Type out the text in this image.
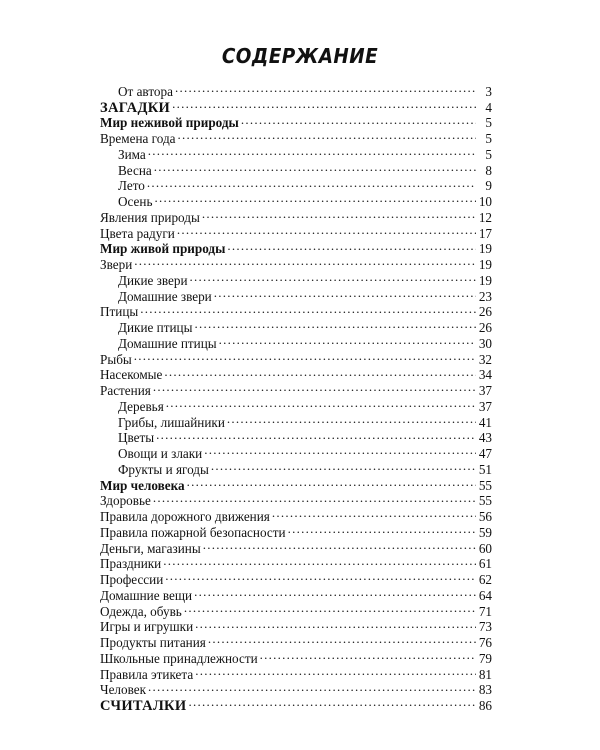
СОДЕРЖАНИЕ
От автора . . .	3
ЗАГАДКИ . . .	4
Мир неживой природы . . .	5
Времена года . . .	5
Зима . . .	5
Весна . . .	8
Лето . . .	9
Осень . . .	10
Явления природы . . .	12
Цвета радуги . . .	17
Мир живой природы . . .	19
Звери . . .	19
Дикие звери . . .	19
Домашние звери . . .	23
Птицы . . .	26
Дикие птицы . . .	26
Домашние птицы . . .	30
Рыбы . . .	32
Насекомые . . .	34
Растения . . .	37
Деревья . . .	37
Грибы, лишайники . . .	41
Цветы . . .	43
Овощи и злаки . . .	47
Фрукты и ягоды . . .	51
Мир человека . . .	55
Здоровье . . .	55
Правила дорожного движения . . .	56
Правила пожарной безопасности . . .	59
Деньги, магазины . . .	60
Праздники . . .	61
Профессии . . .	62
Домашние вещи . . .	64
Одежда, обувь . . .	71
Игры и игрушки . . .	73
Продукты питания . . .	76
Школьные принадлежности . . .	79
Правила этикета . . .	81
Человек . . .	83
СЧИТАЛКИ . . .	86
